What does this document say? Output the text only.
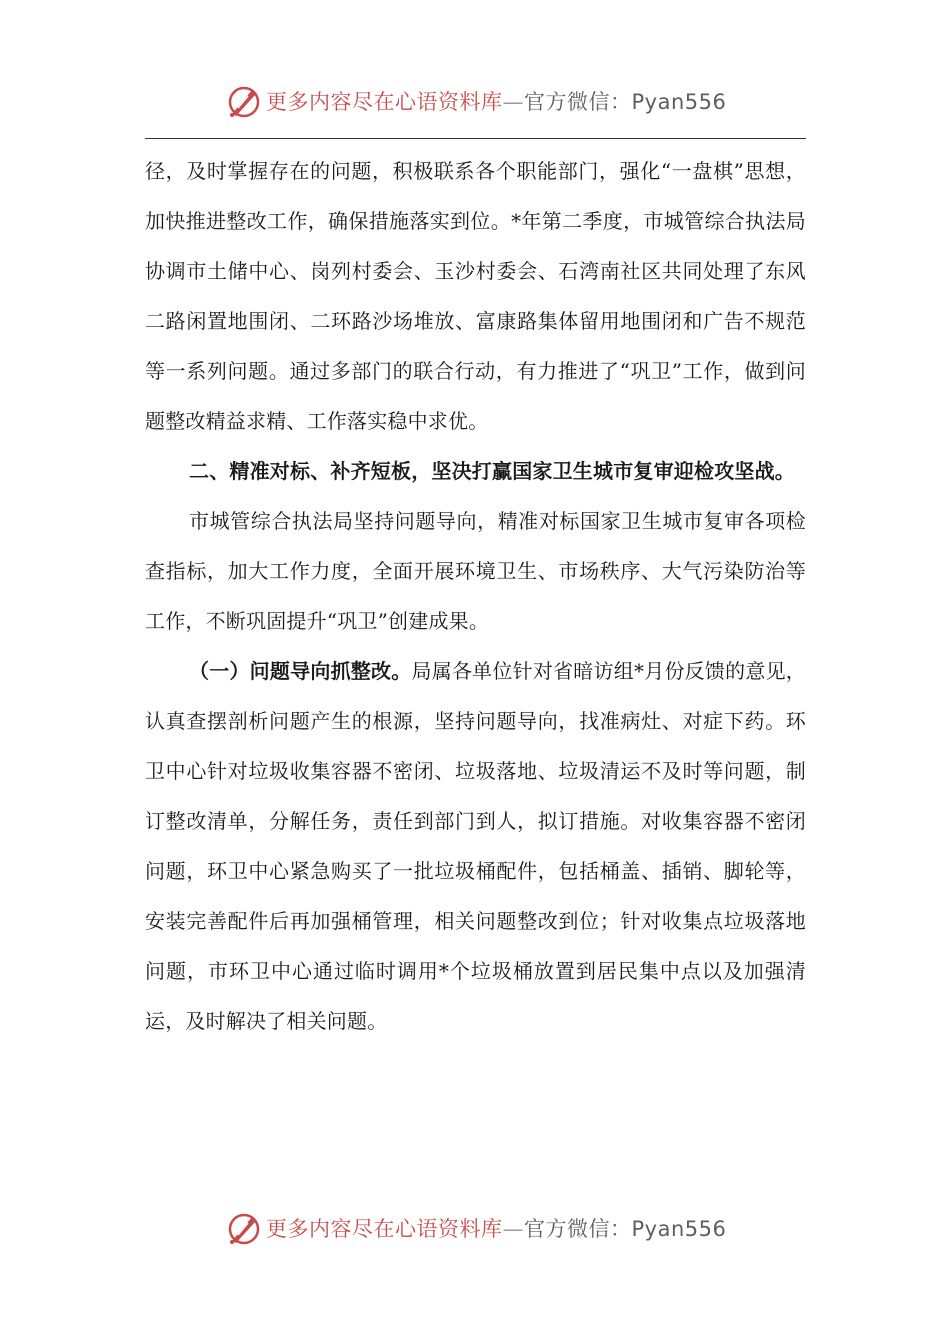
更多内容尽在心语资料库—官方微信：Pyan556

径，及时掌握存在的问题，积极联系各个职能部门，强化“一盘棋”思想，加快推进整改工作，确保措施落实到位。*年第二季度，市城管综合执法局协调市土储中心、岗列村委会、玉沙村委会、石湾南社区共同处理了东风二路闲置地围闭、二环路沙场堆放、富康路集体留用地围闭和广告不规范等一系列问题。通过多部门的联合行动，有力推进了“巩卫”工作，做到问题整改精益求精、工作落实稳中求优。

二、精准对标、补齐短板，坚决打赢国家卫生城市复审迎检攻坚战。

市城管综合执法局坚持问题导向，精准对标国家卫生城市复审各项检查指标，加大工作力度，全面开展环境卫生、市场秩序、大气污染防治等工作，不断巩固提升“巩卫”创建成果。

（一）问题导向抓整改。局属各单位针对省暗访组*月份反馈的意见，认真查摆剖析问题产生的根源，坚持问题导向，找准病灶、对症下药。环卫中心针对垃圾收集容器不密闭、垃圾落地、垃圾清运不及时等问题，制订整改清单，分解任务，责任到部门到人，拟订措施。对收集容器不密闭问题，环卫中心紧急购买了一批垃圾桶配件，包括桶盖、插销、脚轮等，安装完善配件后再加强桶管理，相关问题整改到位；针对收集点垃圾落地问题，市环卫中心通过临时调用*个垃圾桶放置到居民集中点以及加强清运，及时解决了相关问题。

更多内容尽在心语资料库—官方微信：Pyan556
